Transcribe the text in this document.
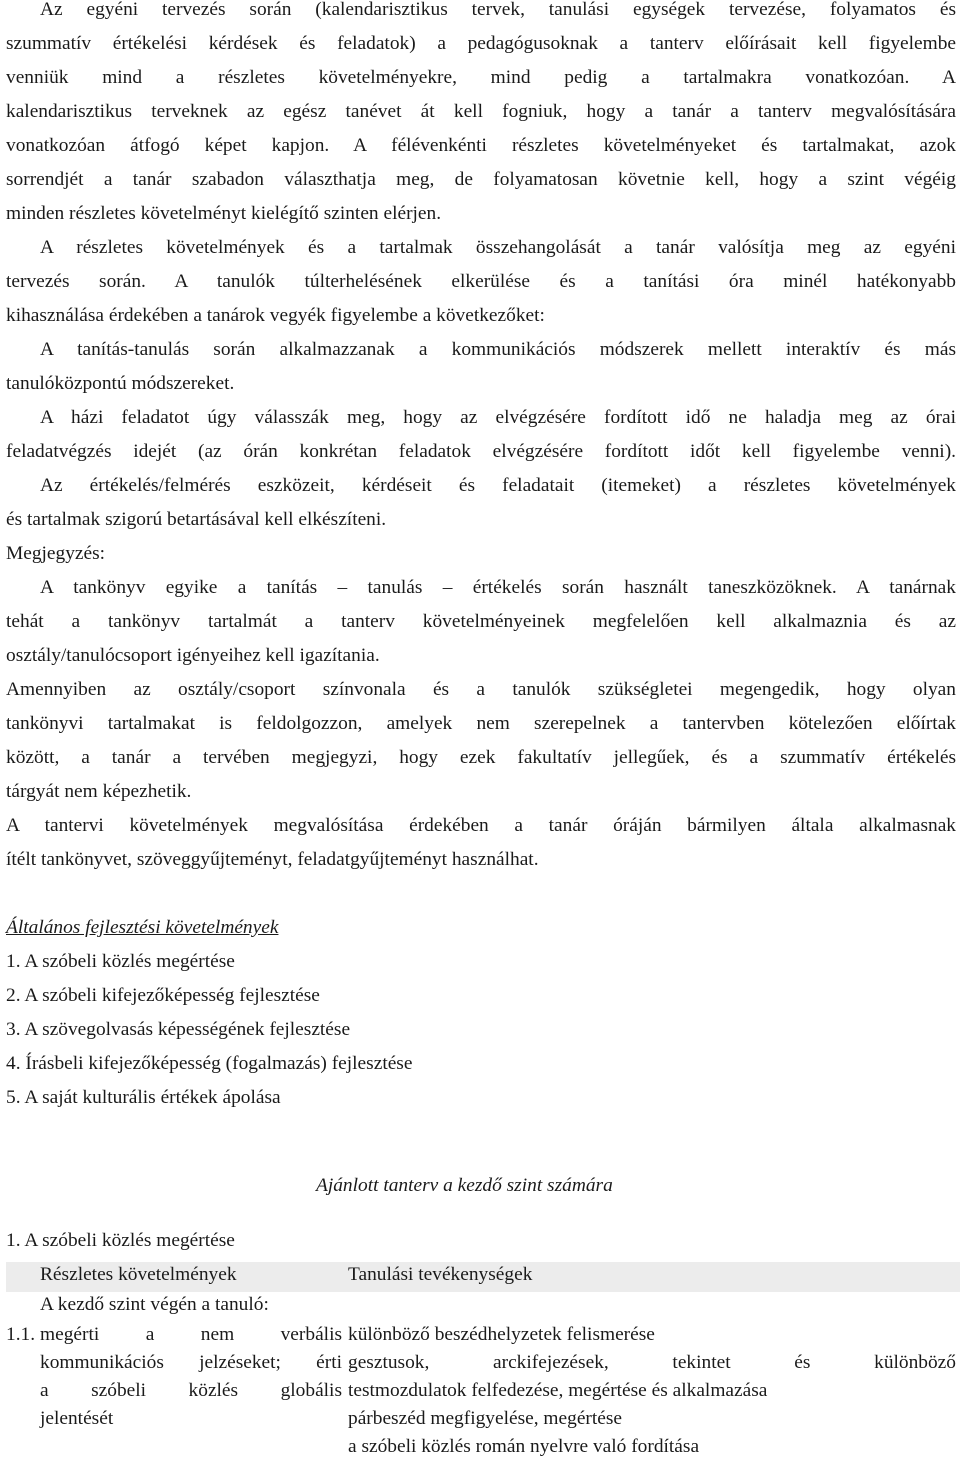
Az egyéni tervezés során (kalendarisztikus tervek, tanulási egységek tervezése, folyamatos és
szummatív értékelési kérdések és feladatok) a pedagógusoknak a tanterv előírásait kell figyelembe
venniük mind a részletes követelményekre, mind pedig a tartalmakra vonatkozóan. A
kalendarisztikus terveknek az egész tanévet át kell fogniuk, hogy a tanár a tanterv megvalósítására
vonatkozóan átfogó képet kapjon. A félévenkénti részletes követelményeket és tartalmakat, azok
sorrendjét a tanár szabadon választhatja meg, de folyamatosan követnie kell, hogy a szint végéig
minden részletes követelményt kielégítő szinten elérjen.
A részletes követelmények és a tartalmak összehangolását a tanár valósítja meg az egyéni
tervezés során. A tanulók túlterhelésének elkerülése és a tanítási óra minél hatékonyabb
kihasználása érdekében a tanárok vegyék figyelembe a következőket:
A tanítás-tanulás során alkalmazzanak a kommunikációs módszerek mellett interaktív és más
tanulóközpontú módszereket.
A házi feladatot úgy válasszák meg, hogy az elvégzésére fordított idő ne haladja meg az órai
feladatvégzés idejét (az órán konkrétan feladatok elvégzésére fordított időt kell figyelembe venni).
Az értékelés/felmérés eszközeit, kérdéseit és feladatait (itemeket) a részletes követelmények
és tartalmak szigorú betartásával kell elkészíteni.
Megjegyzés:
A tankönyv egyike a tanítás – tanulás – értékelés során használt taneszközöknek. A tanárnak
tehát a tankönyv tartalmát a tanterv követelményeinek megfelelően kell alkalmaznia és az
osztály/tanulócsoport igényeihez kell igazítania.
Amennyiben az osztály/csoport színvonala és a tanulók szükségletei megengedik, hogy olyan
tankönyvi tartalmakat is feldolgozzon, amelyek nem szerepelnek a tantervben kötelezően előírtak
között, a tanár a tervében megjegyzi, hogy ezek fakultatív jellegűek, és a szummatív értékelés
tárgyát nem képezhetik.
A tantervi követelmények megvalósítása érdekében a tanár óráján bármilyen általa alkalmasnak
ítélt tankönyvet, szöveggyűjteményt, feladatgyűjteményt használhat.
Általános fejlesztési követelmények
1. A szóbeli közlés megértése
2. A szóbeli kifejezőképesség fejlesztése
3. A szövegolvasás képességének fejlesztése
4. Írásbeli kifejezőképesség (fogalmazás) fejlesztése
5. A saját kulturális értékek ápolása
Ajánlott tanterv a kezdő szint számára
1. A szóbeli közlés megértése
Részletes követelmények	Tanulási tevékenységek
A kezdő szint végén a tanuló:
1.1. megérti a nem verbális
kommunikációs jelzéseket; érti
a szóbeli közlés globális
jelentését
különböző beszédhelyzetek felismerése
gesztusok, arckifejezések, tekintet és különböző
testmozdulatok felfedezése, megértése és alkalmazása
párbeszéd megfigyelése, megértése
a szóbeli közlés román nyelvre való fordítása
